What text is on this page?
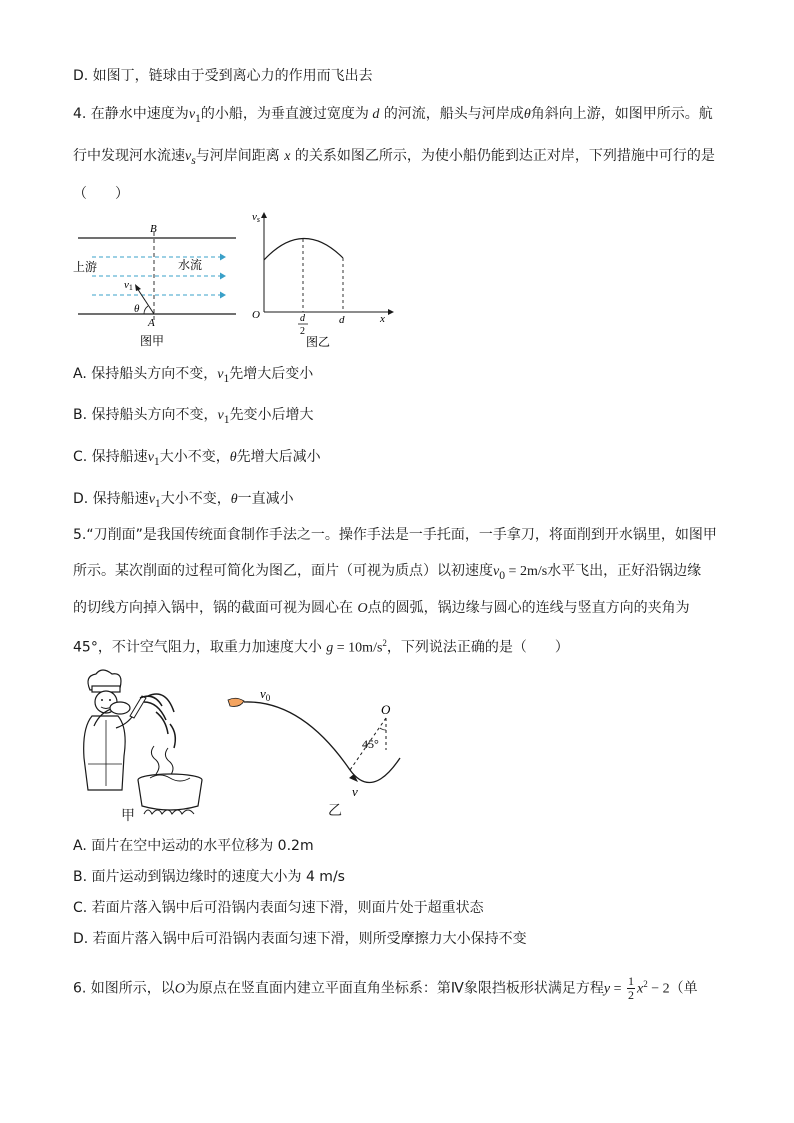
D. 如图丁，链球由于受到离心力的作用而飞出去
4. 在静水中速度为$v_1$的小船，为垂直渡过宽度为 d 的河流，船头与河岸成θ角斜向上游，如图甲所示。航
行中发现河水流速$v_s$与河岸间距离 x 的关系如图乙所示，为使小船仍能到达正对岸，下列措施中可行的是
（　　）
B
A
上游	水流
v1
θ
图甲
vs
O	d
2
d	x
图乙
A. 保持船头方向不变，$v_1$先增大后变小
B. 保持船头方向不变，$v_1$先变小后增大
C. 保持船速$v_1$大小不变，θ先增大后减小
D. 保持船速$v_1$大小不变，θ一直减小
5.“刀削面”是我国传统面食制作手法之一。操作手法是一手托面，一手拿刀，将面削到开水锅里，如图甲
所示。某次削面的过程可简化为图乙，面片（可视为质点）以初速度$v_0 = 2m/s$水平飞出，正好沿锅边缘
的切线方向掉入锅中，锅的截面可视为圆心在 O点的圆弧，锅边缘与圆心的连线与竖直方向的夹角为
45°，不计空气阻力，取重力加速度大小 $g = 10m/s^2$，下列说法正确的是（　　）
甲
$v_0$
O
45°
v
乙
A. 面片在空中运动的水平位移为 0.2m
B. 面片运动到锅边缘时的速度大小为 4 m/s
C. 若面片落入锅中后可沿锅内表面匀速下滑，则面片处于超重状态
D. 若面片落入锅中后可沿锅内表面匀速下滑，则所受摩擦力大小保持不变
6. 如图所示，以O为原点在竖直面内建立平面直角坐标系：第Ⅳ象限挡板形状满足方程$y = \frac{1}{2} x^2 - 2$（单
